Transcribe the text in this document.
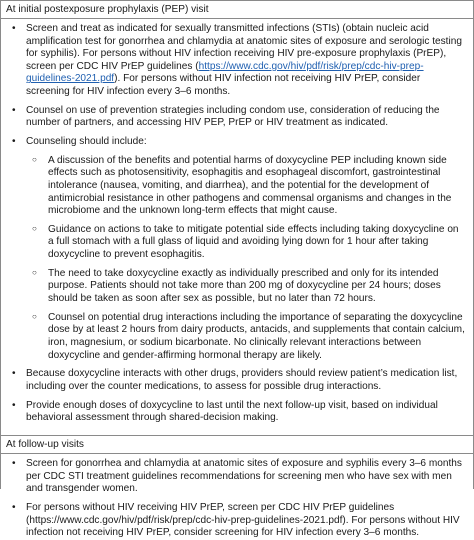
At initial postexposure prophylaxis (PEP) visit
• Screen and treat as indicated for sexually transmitted infections (STIs) (obtain nucleic acid amplification test for gonorrhea and chlamydia at anatomic sites of exposure and serologic testing for syphilis). For persons without HIV infection receiving HIV pre-exposure prophylaxis (PrEP), screen per CDC HIV PrEP guidelines (https://www.cdc.gov/hiv/pdf/risk/prep/cdc-hiv-prep-guidelines-2021.pdf). For persons without HIV infection not receiving HIV PrEP, consider screening for HIV infection every 3–6 months.
• Counsel on use of prevention strategies including condom use, consideration of reducing the number of partners, and accessing HIV PEP, PrEP or HIV treatment as indicated.
• Counseling should include:
○ A discussion of the benefits and potential harms of doxycycline PEP including known side effects such as photosensitivity, esophagitis and esophageal discomfort, gastrointestinal intolerance (nausea, vomiting, and diarrhea), and the potential for the development of antimicrobial resistance in other pathogens and commensal organisms and changes in the microbiome and the unknown long-term effects that might cause.
○ Guidance on actions to take to mitigate potential side effects including taking doxycycline on a full stomach with a full glass of liquid and avoiding lying down for 1 hour after taking doxycycline to prevent esophagitis.
○ The need to take doxycycline exactly as individually prescribed and only for its intended purpose. Patients should not take more than 200 mg of doxycycline per 24 hours; doses should be taken as soon after sex as possible, but no later than 72 hours.
○ Counsel on potential drug interactions including the importance of separating the doxycycline dose by at least 2 hours from dairy products, antacids, and supplements that contain calcium, iron, magnesium, or sodium bicarbonate. No clinically relevant interactions between doxycycline and gender-affirming hormonal therapy are likely.
• Because doxycycline interacts with other drugs, providers should review patient’s medication list, including over the counter medications, to assess for possible drug interactions.
• Provide enough doses of doxycycline to last until the next follow-up visit, based on individual behavioral assessment through shared-decision making.
At follow-up visits
• Screen for gonorrhea and chlamydia at anatomic sites of exposure and syphilis every 3–6 months per CDC STI treatment guidelines recommendations for screening men who have sex with men and transgender women.
• For persons without HIV receiving HIV PrEP, screen per CDC HIV PrEP guidelines (https://www.cdc.gov/hiv/pdf/risk/prep/cdc-hiv-prep-guidelines-2021.pdf). For persons without HIV infection not receiving HIV PrEP, consider screening for HIV infection every 3–6 months.
